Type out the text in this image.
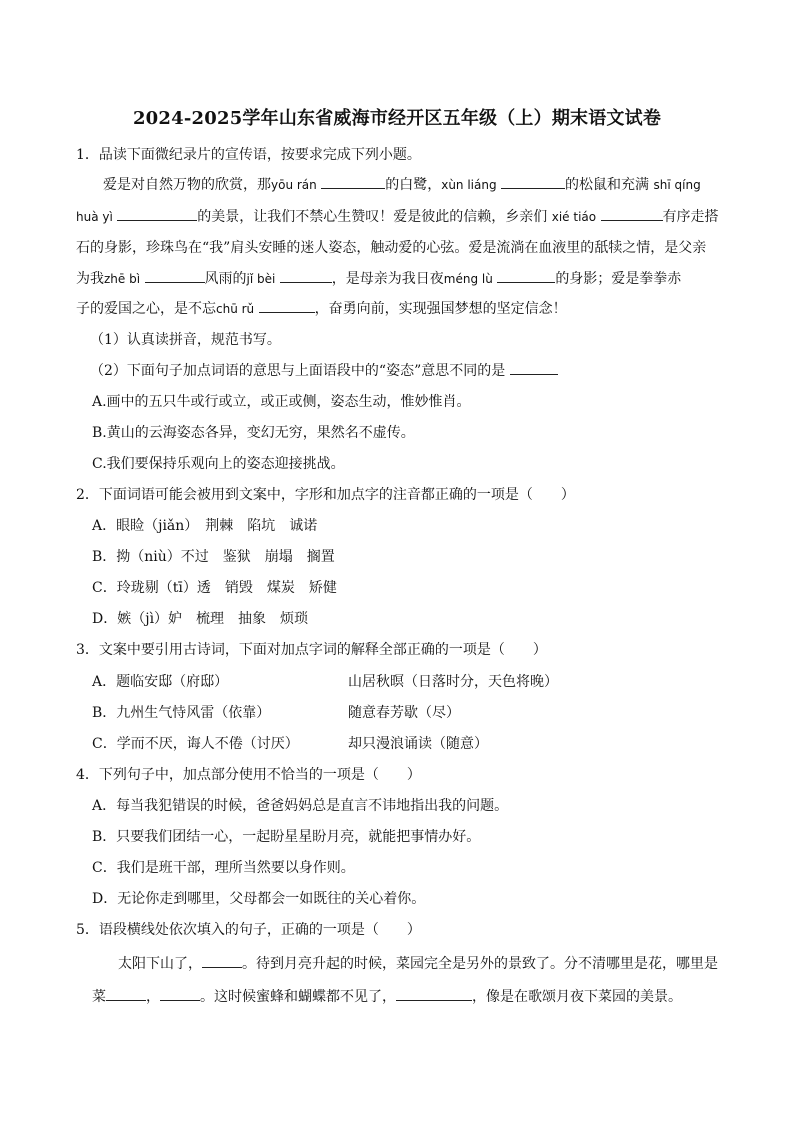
2024-2025学年山东省威海市经开区五年级（上）期末语文试卷
1．品读下面微纪录片的宣传语，按要求完成下列小题。
爱是对自然万物的欣赏，那yōu rán	的白鹭，xùn liáng	的松鼠和充满 shī qíng
huà yì	的美景，让我们不禁心生赞叹！爱是彼此的信赖，乡亲们 xié tiáo	有序走搭
石的身影，珍珠鸟在“我”肩头安睡的迷人姿态，触动爱的心弦。爱是流淌在血液里的舐犊之情，是父亲
为我zhē bì	风雨的jǐ bèi	，是母亲为我日夜méng lù	的身影；爱是拳拳赤
子的爱国之心，是不忘chū rǔ	，奋勇向前，实现强国梦想的坚定信念！
（1）认真读拼音，规范书写。
（2）下面句子加点词语的意思与上面语段中的“姿态”意思不同的是
A.画中的五只牛或行或立，或正或侧，姿态生动，惟妙惟肖。
B.黄山的云海姿态各异，变幻无穷，果然名不虚传。
C.我们要保持乐观向上的姿态迎接挑战。
2．下面词语可能会被用到文案中，字形和加点字的注音都正确的一项是（　　）
A．眼睑（jiǎn）　荆棘　陷坑　诚诺
B．拗（niù）不过　鉴狱　崩塌　搁置
C．玲珑剔（tī）透　销毁　煤炭　矫健
D．嫉（jì）妒　梳理　抽象　烦琐
3．文案中要引用古诗词，下面对加点字词的解释全部正确的一项是（　　）
A．题临安邸（府邸）	山居秋暝（日落时分，天色将晚）
B．九州生气恃风雷（依靠）	随意春芳歇（尽）
C．学而不厌，诲人不倦（讨厌）	却只漫浪诵读（随意）
4．下列句子中，加点部分使用不恰当的一项是（　　）
A．每当我犯错误的时候，爸爸妈妈总是直言不讳地指出我的问题。
B．只要我们团结一心，一起盼星星盼月亮，就能把事情办好。
C．我们是班干部，理所当然要以身作则。
D．无论你走到哪里，父母都会一如既往的关心着你。
5．语段横线处依次填入的句子，正确的一项是（　　）
太阳下山了，	。待到月亮升起的时候，菜园完全是另外的景致了。分不清哪里是花，哪里是
菜	，	。这时候蜜蜂和蝴蝶都不见了，	，像是在歌颂月夜下菜园的美景。
